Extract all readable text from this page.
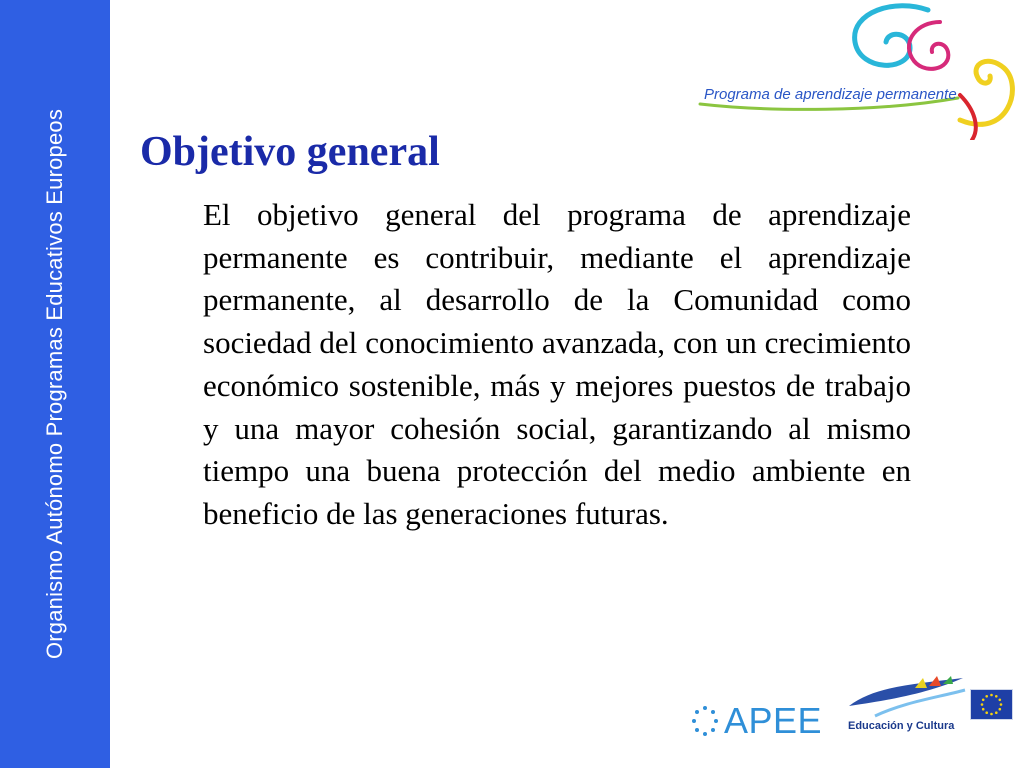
Organismo Autónomo Programas Educativos Europeos
Programa de aprendizaje permanente
Objetivo general

El objetivo general del programa de aprendizaje permanente es contribuir, mediante el aprendizaje permanente, al desarrollo de la Comunidad como sociedad del conocimiento avanzada, con un crecimiento económico sostenible, más y mejores puestos de trabajo y una mayor cohesión social, garantizando al mismo tiempo una buena protección del medio ambiente en beneficio de las generaciones futuras.

APEE Educación y Cultura
